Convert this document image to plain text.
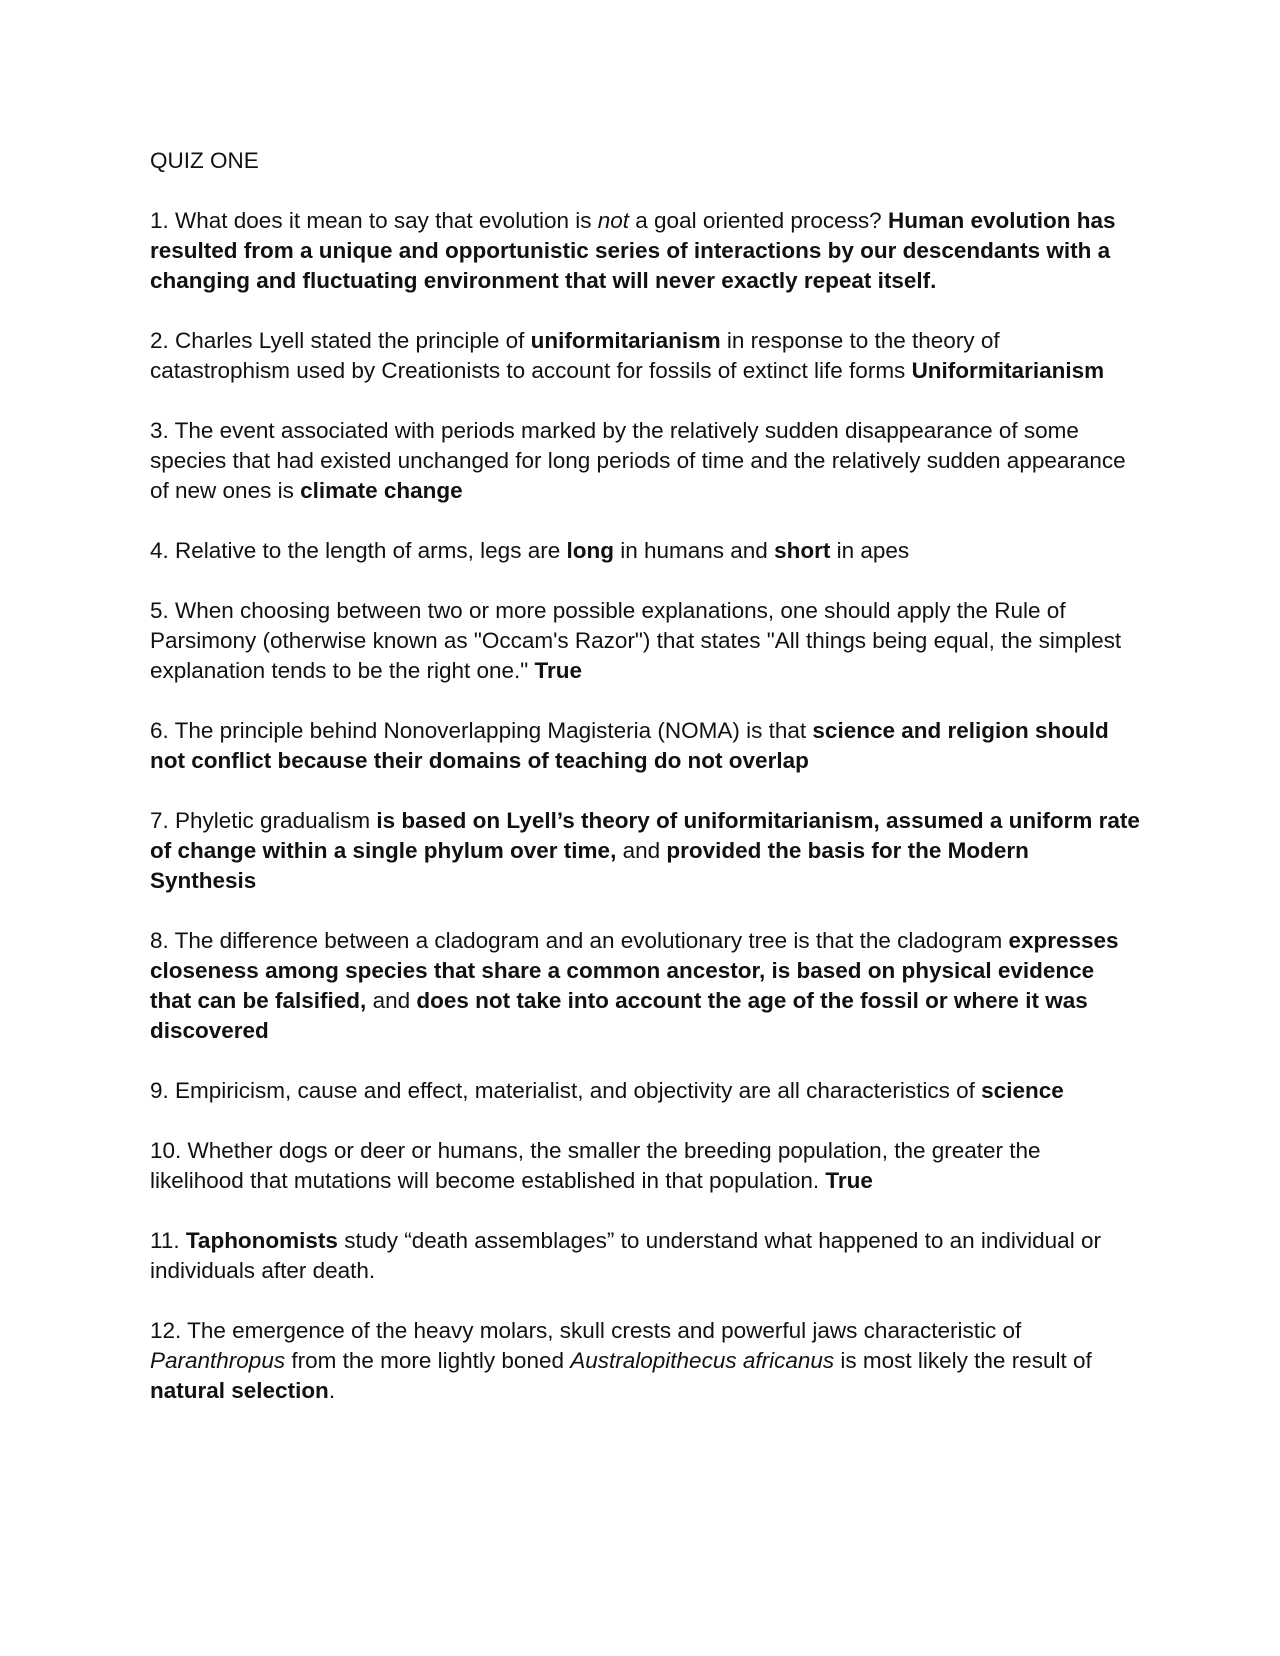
QUIZ ONE
1. What does it mean to say that evolution is not a goal oriented process? Human evolution has resulted from a unique and opportunistic series of interactions by our descendants with a changing and fluctuating environment that will never exactly repeat itself.
2. Charles Lyell stated the principle of uniformitarianism in response to the theory of catastrophism used by Creationists to account for fossils of extinct life forms Uniformitarianism
3. The event associated with periods marked by the relatively sudden disappearance of some species that had existed unchanged for long periods of time and the relatively sudden appearance of new ones is climate change
4. Relative to the length of arms, legs are long in humans and short in apes
5. When choosing between two or more possible explanations, one should apply the Rule of Parsimony (otherwise known as "Occam's Razor") that states "All things being equal, the simplest explanation tends to be the right one." True
6. The principle behind Nonoverlapping Magisteria (NOMA) is that science and religion should not conflict because their domains of teaching do not overlap
7. Phyletic gradualism is based on Lyell’s theory of uniformitarianism, assumed a uniform rate of change within a single phylum over time, and provided the basis for the Modern Synthesis
8. The difference between a cladogram and an evolutionary tree is that the cladogram expresses closeness among species that share a common ancestor, is based on physical evidence that can be falsified, and does not take into account the age of the fossil or where it was discovered
9. Empiricism, cause and effect, materialist, and objectivity are all characteristics of science
10. Whether dogs or deer or humans, the smaller the breeding population, the greater the likelihood that mutations will become established in that population. True
11. Taphonomists study “death assemblages” to understand what happened to an individual or individuals after death.
12. The emergence of the heavy molars, skull crests and powerful jaws characteristic of Paranthropus from the more lightly boned Australopithecus africanus is most likely the result of natural selection.
